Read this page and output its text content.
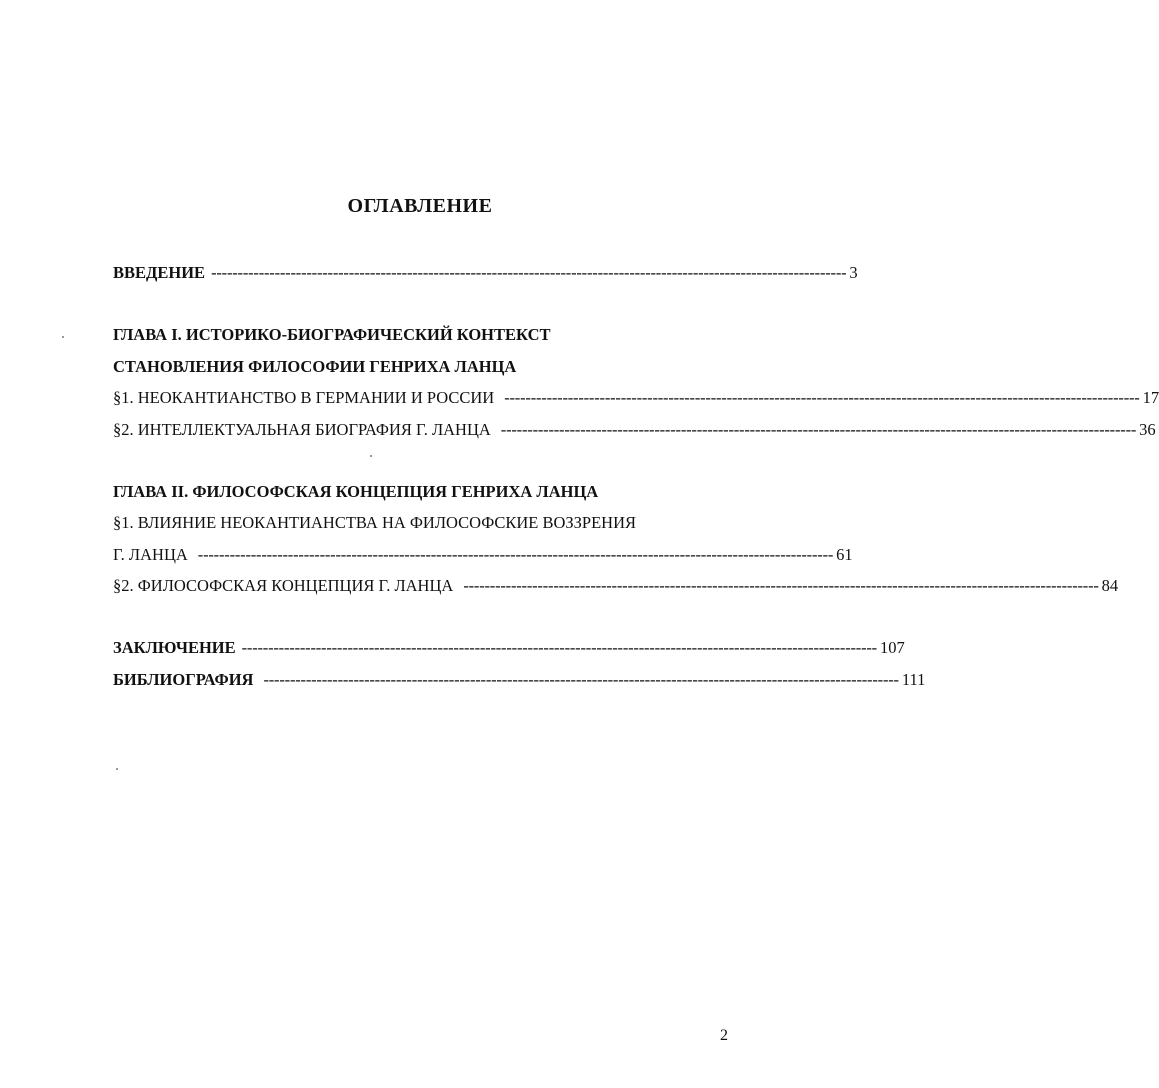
ОГЛАВЛЕНИЕ
ВВЕДЕНИЕ ------------------------------------------------------------------------------------------------------------------------ 3
ГЛАВА I. ИСТОРИКО-БИОГРАФИЧЕСКИЙ КОНТЕКСТ
СТАНОВЛЕНИЯ ФИЛОСОФИИ ГЕНРИХА ЛАНЦА
§1. НЕОКАНТИАНСТВО В ГЕРМАНИИ И РОССИИ ------------------------------------------------------------------------------------------------------------------------ 17
§2. ИНТЕЛЛЕКТУАЛЬНАЯ БИОГРАФИЯ Г. ЛАНЦА ------------------------------------------------------------------------------------------------------------------------ 36
ГЛАВА II. ФИЛОСОФСКАЯ КОНЦЕПЦИЯ ГЕНРИХА ЛАНЦА
§1. ВЛИЯНИЕ НЕОКАНТИАНСТВА НА ФИЛОСОФСКИЕ ВОЗЗРЕНИЯ
Г. ЛАНЦА ------------------------------------------------------------------------------------------------------------------------ 61
§2. ФИЛОСОФСКАЯ КОНЦЕПЦИЯ Г. ЛАНЦА ------------------------------------------------------------------------------------------------------------------------ 84
ЗАКЛЮЧЕНИЕ ------------------------------------------------------------------------------------------------------------------------ 107
БИБЛИОГРАФИЯ ------------------------------------------------------------------------------------------------------------------------ 111
2
